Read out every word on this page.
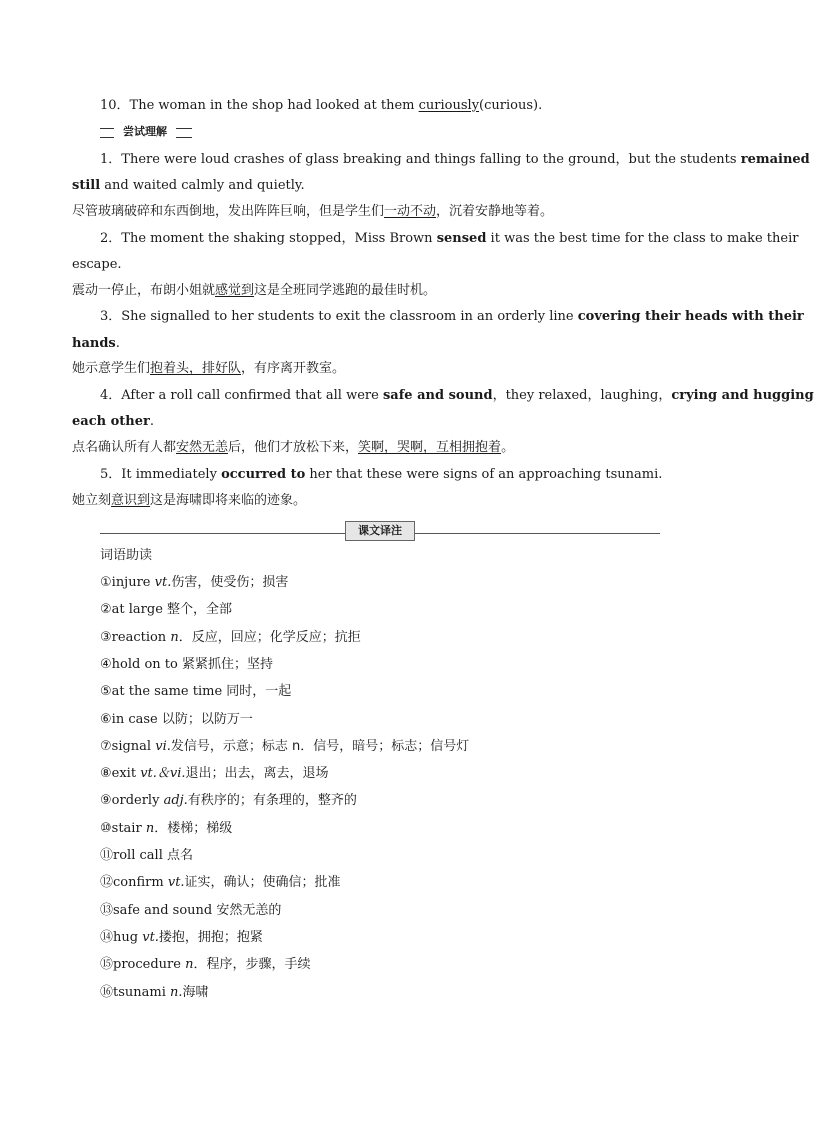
10．The woman in the shop had looked at them curiously(curious).
尝试理解
1．There were loud crashes of glass breaking and things falling to the ground，but the students remained
still and waited calmly and quietly.
尽管玻璃破碎和东西倒地，发出阵阵巨响，但是学生们一动不动，沉着安静地等着。
2．The moment the shaking stopped，Miss Brown sensed it was the best time for the class to make their
escape.
震动一停止，布朗小姐就感觉到这是全班同学逃跑的最佳时机。
3．She signalled to her students to exit the classroom in an orderly line covering their heads with their
hands.
她示意学生们抱着头，排好队，有序离开教室。
4．After a roll call confirmed that all were safe and sound，they relaxed，laughing，crying and hugging
each other.
点名确认所有人都安然无恙后，他们才放松下来，笑啊，哭啊，互相拥抱着。
5．It immediately occurred to her that these were signs of an approaching tsunami.
她立刻意识到这是海啸即将来临的迹象。
课文译注
词语助读
①injure vt.伤害，使受伤；损害
②at large 整个，全部
③reaction n．反应，回应；化学反应；抗拒
④hold on to 紧紧抓住；坚持
⑤at the same time 同时，一起
⑥in case 以防；以防万一
⑦signal vi.发信号，示意；标志 n．信号，暗号；标志；信号灯
⑧exit vt.＆vi.退出；出去，离去，退场
⑨orderly adj.有秩序的；有条理的，整齐的
⑩stair n．楼梯；梯级
⑪roll call 点名
⑫confirm vt.证实，确认；使确信；批准
⑬safe and sound 安然无恙的
⑭hug vt.搂抱，拥抱；抱紧
⑮procedure n．程序，步骤，手续
⑯tsunami n.海啸
